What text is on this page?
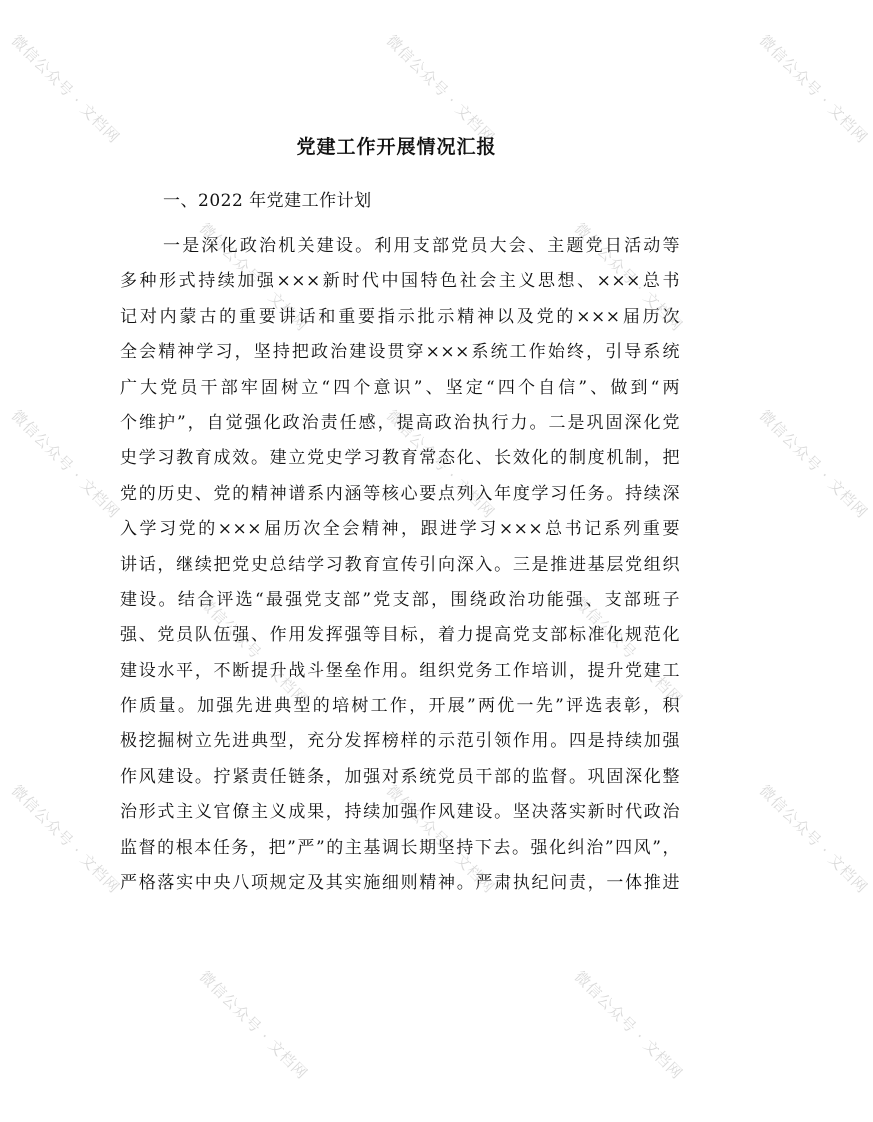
党建工作开展情况汇报
一、2022 年党建工作计划
一是深化政治机关建设。利用支部党员大会、主题党日活动等
多种形式持续加强×××新时代中国特色社会主义思想、×××总书
记对内蒙古的重要讲话和重要指示批示精神以及党的×××届历次
全会精神学习，坚持把政治建设贯穿×××系统工作始终，引导系统
广大党员干部牢固树立“四个意识”、坚定“四个自信”、做到“两
个维护”，自觉强化政治责任感，提高政治执行力。二是巩固深化党
史学习教育成效。建立党史学习教育常态化、长效化的制度机制，把
党的历史、党的精神谱系内涵等核心要点列入年度学习任务。持续深
入学习党的×××届历次全会精神，跟进学习×××总书记系列重要
讲话，继续把党史总结学习教育宣传引向深入。三是推进基层党组织
建设。结合评选“最强党支部”党支部，围绕政治功能强、支部班子
强、党员队伍强、作用发挥强等目标，着力提高党支部标准化规范化
建设水平，不断提升战斗堡垒作用。组织党务工作培训，提升党建工
作质量。加强先进典型的培树工作，开展”两优一先”评选表彰，积
极挖掘树立先进典型，充分发挥榜样的示范引领作用。四是持续加强
作风建设。拧紧责任链条，加强对系统党员干部的监督。巩固深化整
治形式主义官僚主义成果，持续加强作风建设。坚决落实新时代政治
监督的根本任务，把”严”的主基调长期坚持下去。强化纠治”四风”，
严格落实中央八项规定及其实施细则精神。严肃执纪问责，一体推进
微信公众号 · 文档网	微信公众号 · 文档网	微信公众号 · 文档网
微信公众号 · 文档网	微信公众号 · 文档网	微信公众号 · 文档网
微信公众号 · 文档网	微信公众号 · 文档网	微信公众号 · 文档网
微信公众号 · 文档网	微信公众号 · 文档网
微信公众号 · 文档网	微信公众号 · 文档网
微信公众号 · 文档网	微信公众号 · 文档网
